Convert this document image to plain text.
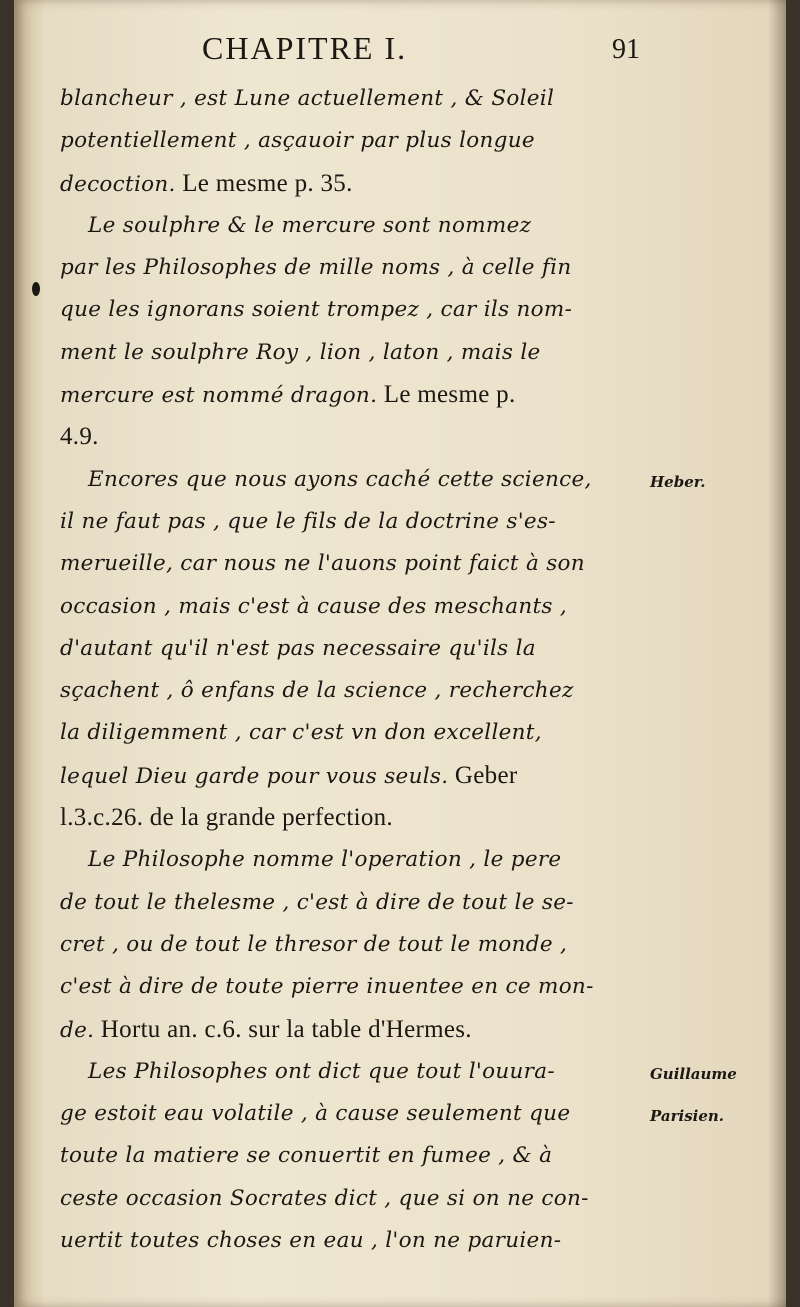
CHAPITRE I.	91
blancheur , est Lune actuellement , & Soleil
potentiellement , asçauoir par plus longue
decoction. Le mesme p. 35.
Le soulphre & le mercure sont nommez
par les Philosophes de mille noms , à celle fin
que les ignorans soient trompez , car ils nom-
ment le soulphre Roy , lion , laton , mais le
mercure est nommé dragon. Le mesme p.
4.9.
Encores que nous ayons caché cette science,
il ne faut pas , que le fils de la doctrine s'es-
merueille, car nous ne l'auons point faict à son
occasion , mais c'est à cause des meschants ,
d'autant qu'il n'est pas necessaire qu'ils la
sçachent , ô enfans de la science , recherchez
la diligemment , car c'est vn don excellent,
lequel Dieu garde pour vous seuls. Geber
l.3.c.26. de la grande perfection.
Le Philosophe nomme l'operation , le pere
de tout le thelesme , c'est à dire de tout le se-
cret , ou de tout le thresor de tout le monde ,
c'est à dire de toute pierre inuentee en ce mon-
de. Hortu an. c.6. sur la table d'Hermes.
Les Philosophes ont dict que tout l'ouura-
ge estoit eau volatile , à cause seulement que
toute la matiere se conuertit en fumee , & à
ceste occasion Socrates dict , que si on ne con-
uertit toutes choses en eau , l'on ne paruien-
Heber.
Guillaume
Parisien.
